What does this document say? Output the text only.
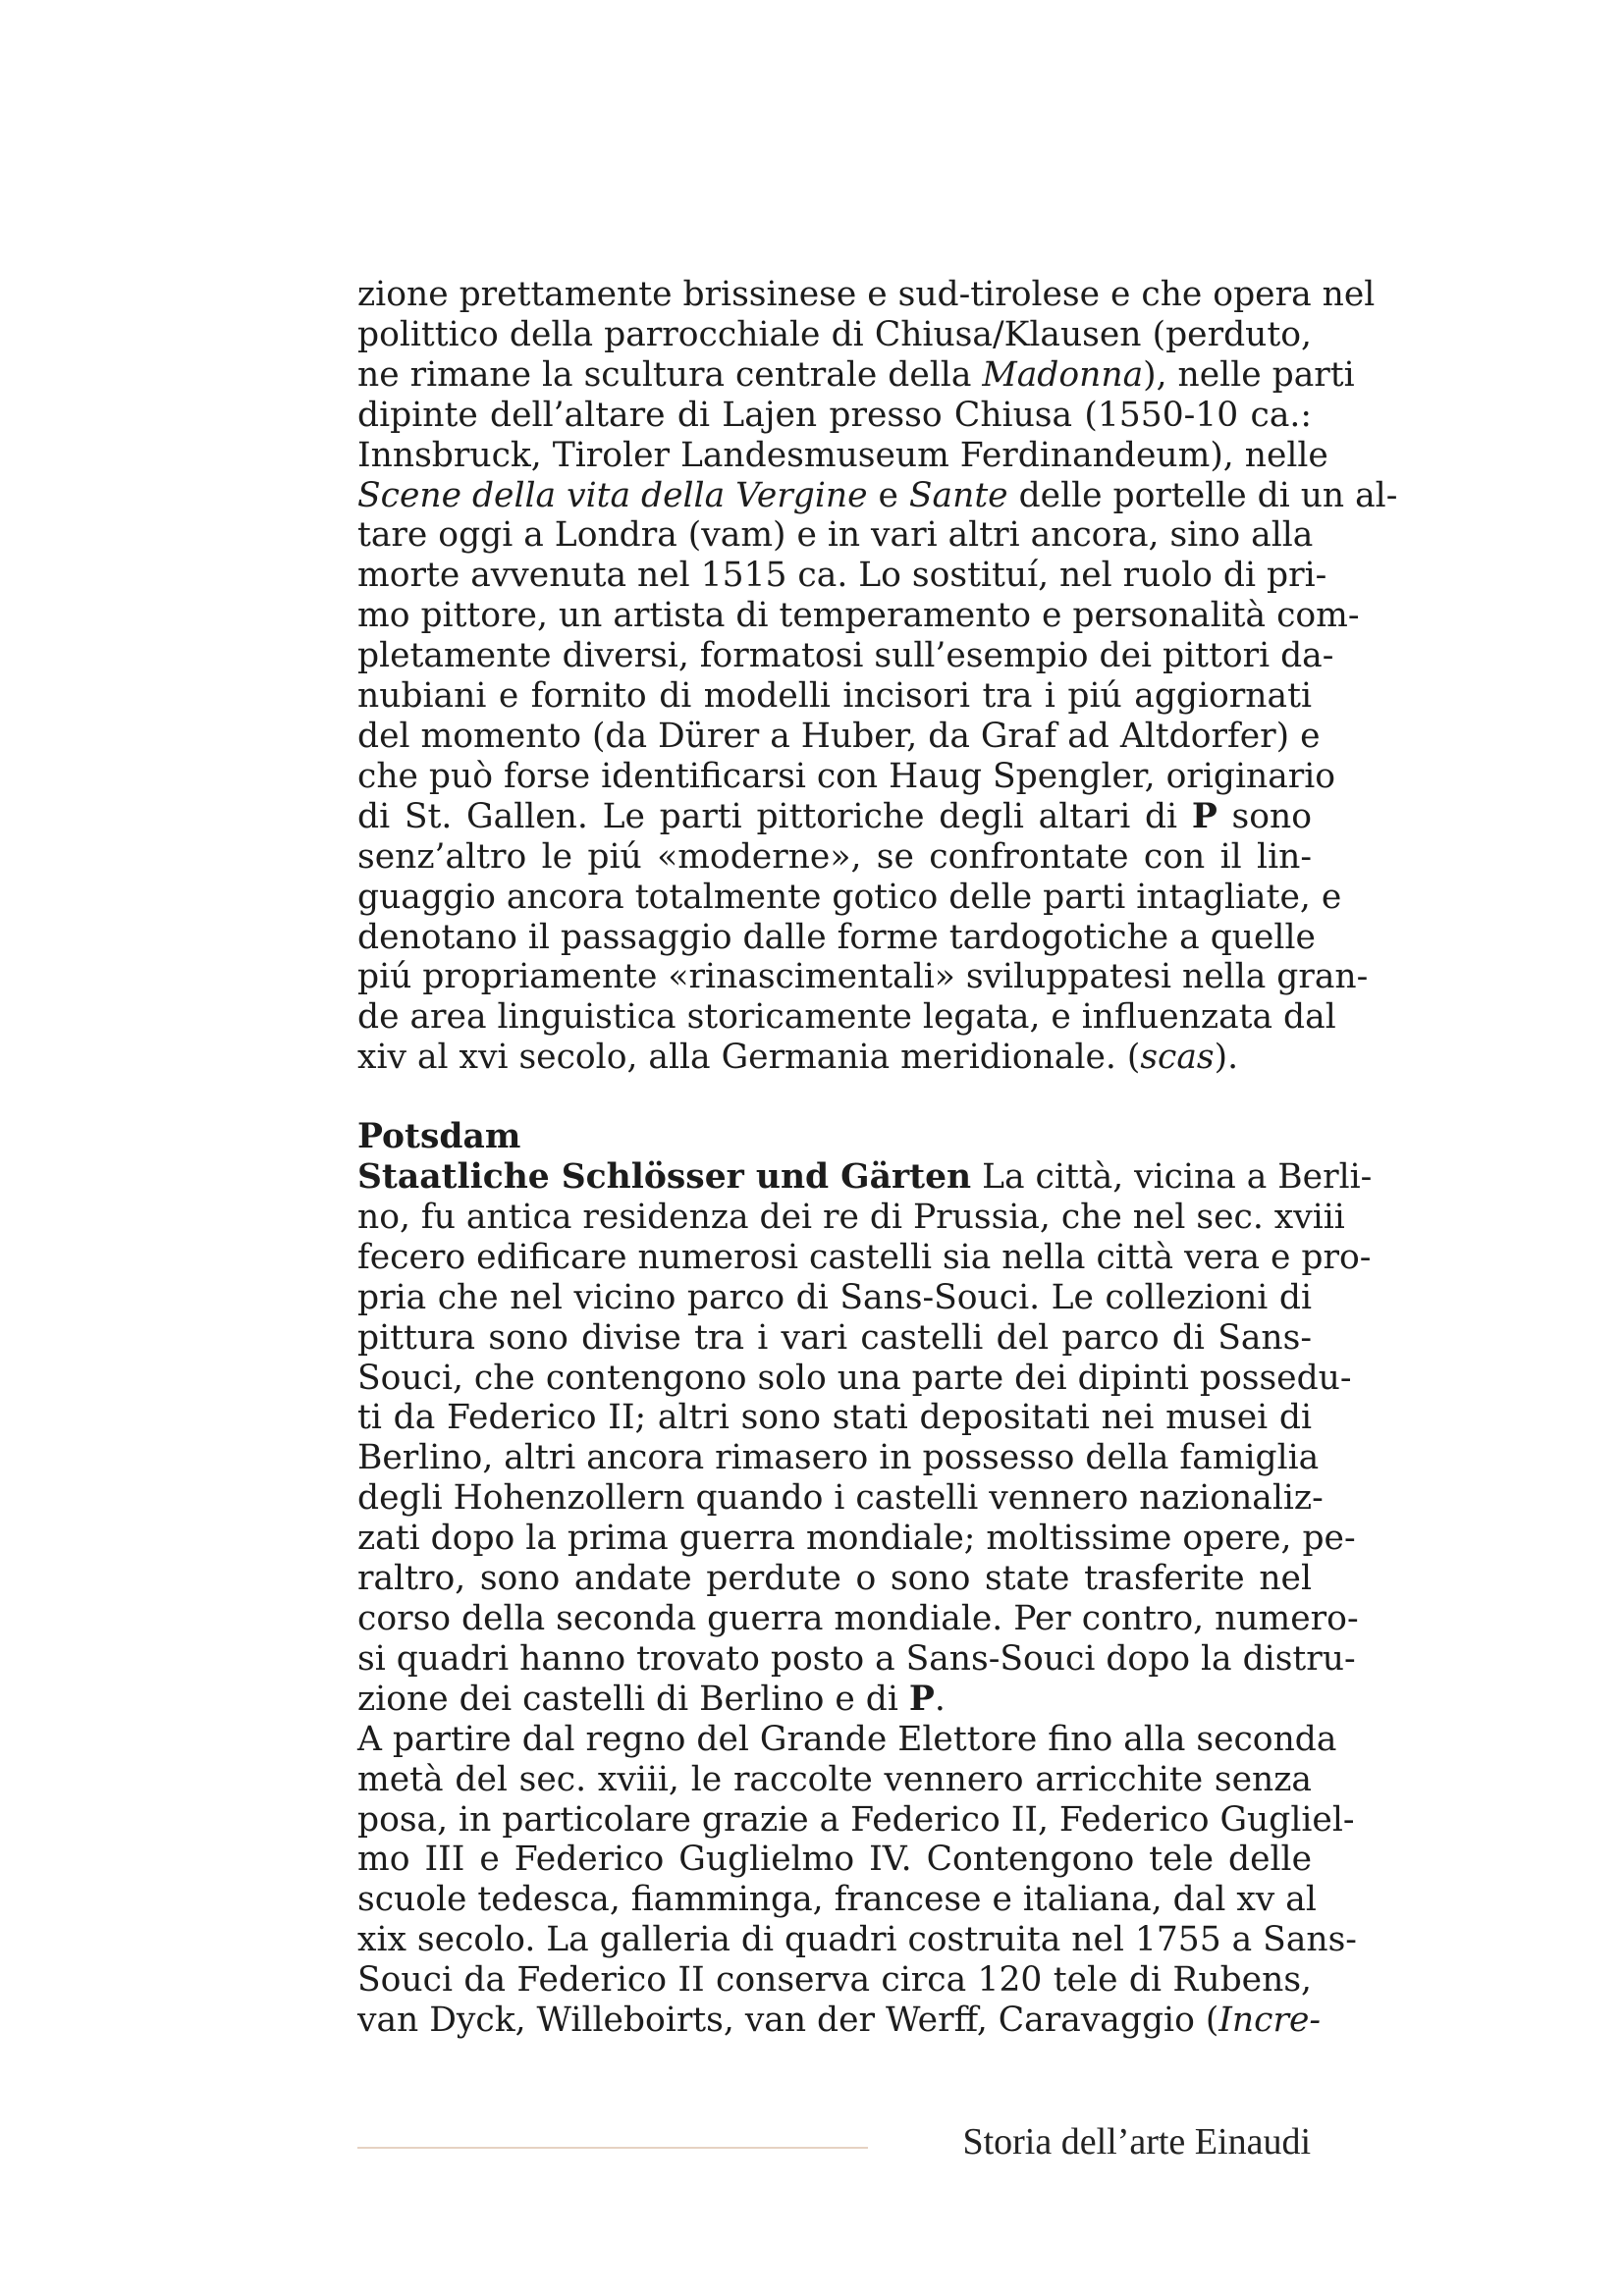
zione prettamente brissinese e sud-tirolese e che opera nel
polittico della parrocchiale di Chiusa/Klausen (perduto,
ne rimane la scultura centrale della Madonna), nelle parti
dipinte dell’altare di Lajen presso Chiusa (1550-10 ca.:
Innsbruck, Tiroler Landesmuseum Ferdinandeum), nelle
Scene della vita della Vergine e Sante delle portelle di un al-
tare oggi a Londra (vam) e in vari altri ancora, sino alla
morte avvenuta nel 1515 ca. Lo sostituí, nel ruolo di pri-
mo pittore, un artista di temperamento e personalità com-
pletamente diversi, formatosi sull’esempio dei pittori da-
nubiani e fornito di modelli incisori tra i piú aggiornati
del momento (da Dürer a Huber, da Graf ad Altdorfer) e
che può forse identificarsi con Haug Spengler, originario
di St. Gallen. Le parti pittoriche degli altari di P sono
senz’altro le piú «moderne», se confrontate con il lin-
guaggio ancora totalmente gotico delle parti intagliate, e
denotano il passaggio dalle forme tardogotiche a quelle
piú propriamente «rinascimentali» sviluppatesi nella gran-
de area linguistica storicamente legata, e influenzata dal
xiv al xvi secolo, alla Germania meridionale. (scas).
Potsdam
Staatliche Schlösser und Gärten La città, vicina a Berli-
no, fu antica residenza dei re di Prussia, che nel sec. xviii
fecero edificare numerosi castelli sia nella città vera e pro-
pria che nel vicino parco di Sans-Souci. Le collezioni di
pittura sono divise tra i vari castelli del parco di Sans-
Souci, che contengono solo una parte dei dipinti possedu-
ti da Federico II; altri sono stati depositati nei musei di
Berlino, altri ancora rimasero in possesso della famiglia
degli Hohenzollern quando i castelli vennero nazionaliz-
zati dopo la prima guerra mondiale; moltissime opere, pe-
raltro, sono andate perdute o sono state trasferite nel
corso della seconda guerra mondiale. Per contro, numero-
si quadri hanno trovato posto a Sans-Souci dopo la distru-
zione dei castelli di Berlino e di P.
A partire dal regno del Grande Elettore fino alla seconda
metà del sec. xviii, le raccolte vennero arricchite senza
posa, in particolare grazie a Federico II, Federico Gugliel-
mo III e Federico Guglielmo IV. Contengono tele delle
scuole tedesca, fiamminga, francese e italiana, dal xv al
xix secolo. La galleria di quadri costruita nel 1755 a Sans-
Souci da Federico II conserva circa 120 tele di Rubens,
van Dyck, Willeboirts, van der Werff, Caravaggio (Incre-
Storia dell’arte Einaudi
